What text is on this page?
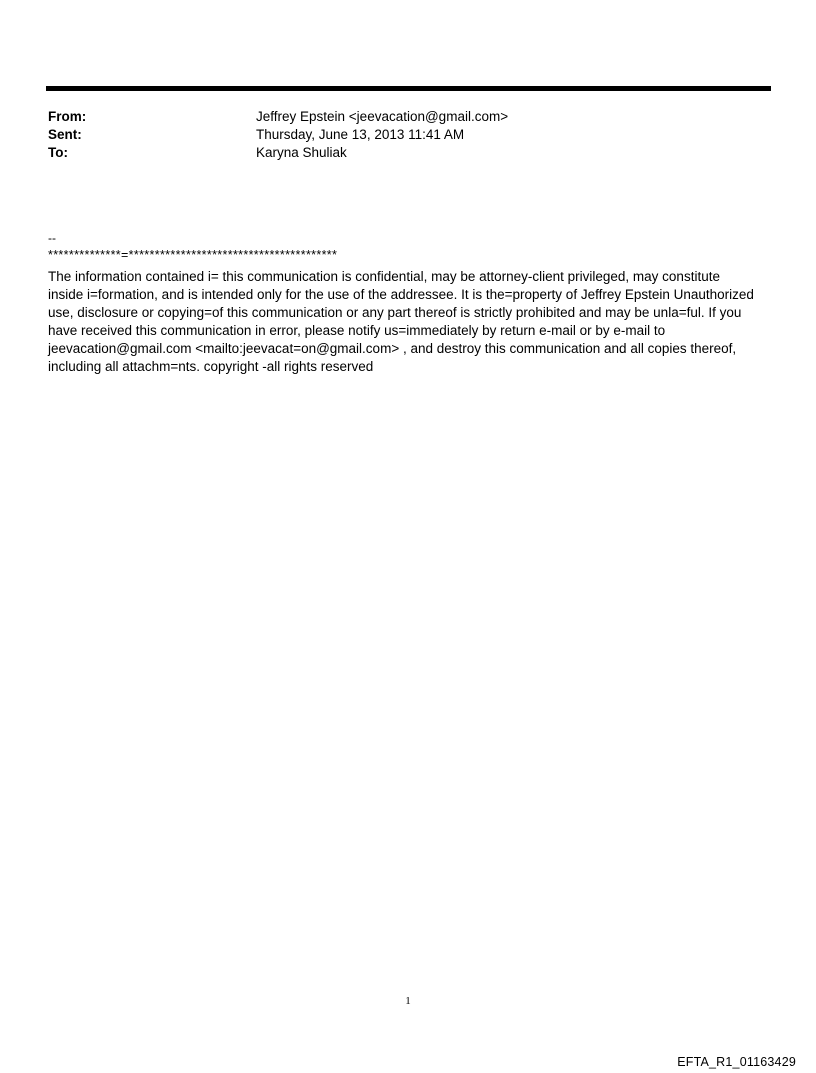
From:	Jeffrey Epstein <jeevacation@gmail.com>
Sent:	Thursday, June 13, 2013 11:41 AM
To:	Karyna Shuliak
--
**************=****************************************
The information contained i= this communication is confidential, may be attorney-client privileged, may constitute
inside i=formation, and is intended only for the use of the addressee. It is the=property of Jeffrey Epstein Unauthorized
use, disclosure or copying=of this communication or any part thereof is strictly prohibited and may be unla=ful. If you
have received this communication in error, please notify us=immediately by return e-mail or by e-mail to
jeevacation@gmail.com <mailto:jeevacat=on@gmail.com> , and destroy this communication and all copies thereof,
including all attachm=nts. copyright -all rights reserved
1
EFTA_R1_01163429
